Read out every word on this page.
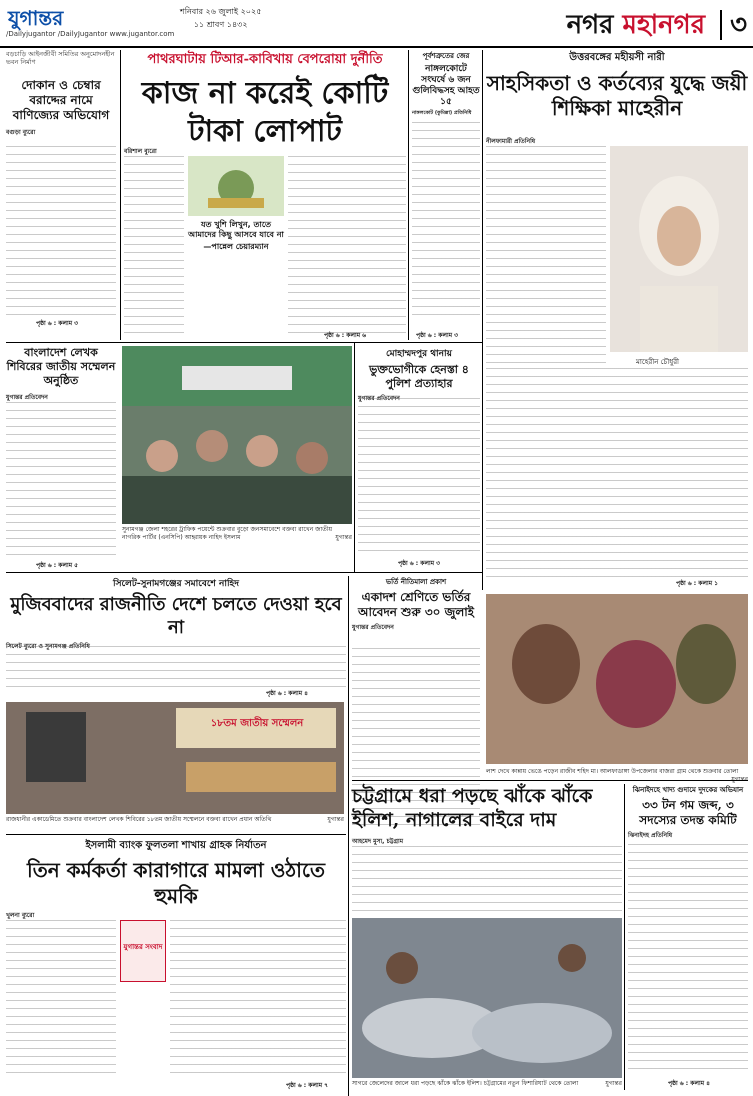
যুগান্তর	শনিবার ২৬ জুলাই ২০২৫
১১ শ্রাবণ ১৪৩২
/Dailyjugantor /DailyJugantor www.jugantor.com	নগর মহানগর ৩
বড়চাড়ি আইনজীবী সমিতির অনুমোদনহীন ভবন নির্মাণ
দোকান ও চেম্বার বরাদ্দের নামে বাণিজ্যের অভিযোগ
বগুড়া ব্যুরো
পৃষ্ঠা ৬ : কলাম ৩
পাথরঘাটায় টিআর-কাবিখায় বেপরোয়া দুর্নীতি
কাজ না করেই কোটি টাকা লোপাট
বরিশাল ব্যুরো
যত খুশি লিখুন, তাতে আমাদের কিছু আসবে যাবে না
—পান্নেল চেয়ারম্যান
পৃষ্ঠা ৬ : কলাম ৬
পূর্বশত্রুতের জের
নাঙ্গলকোটে সংঘর্ষে ৬ জন গুলিবিদ্ধসহ আহত ১৫
নাঙ্গলকোট (কুমিল্লা) প্রতিনিধি
পৃষ্ঠা ৬ : কলাম ৩
উত্তরবঙ্গের মহীয়সী নারী
সাহসিকতা ও কর্তব্যের যুদ্ধে জয়ী শিক্ষিকা মাহেরীন
নীলফামারী প্রতিনিধি
মাহেরীন চৌধুরী
পৃষ্ঠা ৬ : কলাম ১
বাংলাদেশ লেখক শিবিরের জাতীয় সম্মেলন অনুষ্ঠিত
যুগান্তর প্রতিবেদন
পৃষ্ঠা ৬ : কলাম ৫
সুনামগঞ্জ জেলা শহরের ট্রাফিক পয়েন্টে শুক্রবার বুড়ো জনসমাবেশে বক্তব্য রাখেন জাতীয় নাগরিক পার্টির (এনসিপি) আহ্বায়ক নাহিদ ইসলাম	যুগান্তর
মোহাম্মদপুর থানায়
ভুক্তভোগীকে হেনস্তা ৪ পুলিশ প্রত্যাহার
যুগান্তর প্রতিবেদন
পৃষ্ঠা ৬ : কলাম ৩
সিলেট-সুনামগঞ্জের সমাবেশে নাহিদ
মুজিববাদের রাজনীতি দেশে চলতে দেওয়া হবে না
সিলেট ব্যুরো ও সুনামগঞ্জ প্রতিনিধি
পৃষ্ঠা ৬ : কলাম ৪
ভর্তি নীতিমালা প্রকাশ
একাদশ শ্রেণিতে ভর্তির আবেদন শুরু ৩০ জুলাই
যুগান্তর প্রতিবেদন
লাশ দেখে কান্নায় ভেঙে পড়েন রাজীব শহিদ মা। আলফাডাঙ্গা উপজেলার বাজরা গ্রাম থেকে শুক্রবার তোলা
১৮তম জাতীয় সম্মেলন
রাজধানীর একাডেমিতে শুক্রবার বাংলাদেশ লেখক শিবিরের ১৮তম জাতীয় সম্মেলনে বক্তব্য রাখেন প্রধান অতিথি	যুগান্তর
ইসলামী ব্যাংক ফুলতলা শাখায় গ্রাহক নির্যাতন
তিন কর্মকর্তা কারাগারে মামলা ওঠাতে হুমকি
খুলনা ব্যুরো
যুগান্তর সংবাদ
পৃষ্ঠা ৬ : কলাম ৭
চট্টগ্রামে ধরা পড়ছে ঝাঁকে ঝাঁকে ইলিশ, নাগালের বাইরে দাম
আহমেদ মুসা, চট্টগ্রাম
সাগরে জেলেদের জালে ধরা পড়ছে ঝাঁকে ঝাঁকে ইলিশ। চট্টগ্রামের নতুন ফিশারিঘাট থেকে তোলা	যুগান্তর
ঝিনাইদহে খাদ্য গুদামে দুদকের অভিযান
৩৩ টন গম জব্দ, ৩ সদস্যের তদন্ত কমিটি
ঝিনাইদহ প্রতিনিধি
পৃষ্ঠা ৬ : কলাম ৪
